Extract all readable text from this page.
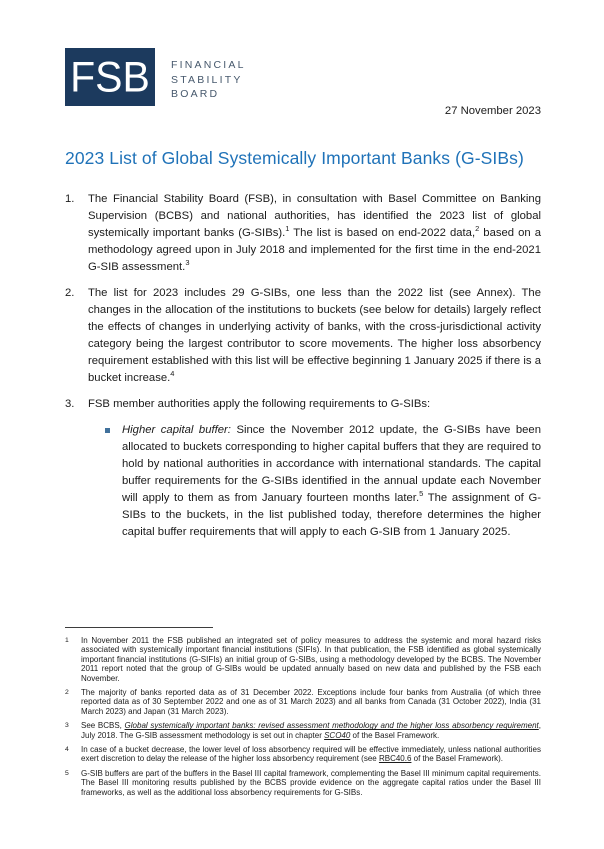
FSB FINANCIAL
STABILITY
BOARD
27 November 2023
2023 List of Global Systemically Important Banks (G-SIBs)
1.	The Financial Stability Board (FSB), in consultation with Basel Committee on Banking Supervision (BCBS) and national authorities, has identified the 2023 list of global systemically important banks (G-SIBs).$^1$ The list is based on end-2022 data,$^2$ based on a methodology agreed upon in July 2018 and implemented for the first time in the end-2021 G-SIB assessment.$^3$
2.	The list for 2023 includes 29 G-SIBs, one less than the 2022 list (see Annex). The changes in the allocation of the institutions to buckets (see below for details) largely reflect the effects of changes in underlying activity of banks, with the cross-jurisdictional activity category being the largest contributor to score movements. The higher loss absorbency requirement established with this list will be effective beginning 1 January 2025 if there is a bucket increase.$^4$
3.	FSB member authorities apply the following requirements to G-SIBs:
Higher capital buffer: Since the November 2012 update, the G-SIBs have been allocated to buckets corresponding to higher capital buffers that they are required to hold by national authorities in accordance with international standards. The capital buffer requirements for the G-SIBs identified in the annual update each November will apply to them as from January fourteen months later.$^5$ The assignment of G-SIBs to the buckets, in the list published today, therefore determines the higher capital buffer requirements that will apply to each G-SIB from 1 January 2025.
1	In November 2011 the FSB published an integrated set of policy measures to address the systemic and moral hazard risks associated with systemically important financial institutions (SIFIs). In that publication, the FSB identified as global systemically important financial institutions (G-SIFIs) an initial group of G-SIBs, using a methodology developed by the BCBS. The November 2011 report noted that the group of G-SIBs would be updated annually based on new data and published by the FSB each November.
2	The majority of banks reported data as of 31 December 2022. Exceptions include four banks from Australia (of which three reported data as of 30 September 2022 and one as of 31 March 2023) and all banks from Canada (31 October 2022), India (31 March 2023) and Japan (31 March 2023).
3	See BCBS, Global systemically important banks: revised assessment methodology and the higher loss absorbency requirement, July 2018. The G-SIB assessment methodology is set out in chapter SCO40 of the Basel Framework.
4	In case of a bucket decrease, the lower level of loss absorbency required will be effective immediately, unless national authorities exert discretion to delay the release of the higher loss absorbency requirement (see RBC40.6 of the Basel Framework).
5	G-SIB buffers are part of the buffers in the Basel III capital framework, complementing the Basel III minimum capital requirements. The Basel III monitoring results published by the BCBS provide evidence on the aggregate capital ratios under the Basel III frameworks, as well as the additional loss absorbency requirements for G-SIBs.
